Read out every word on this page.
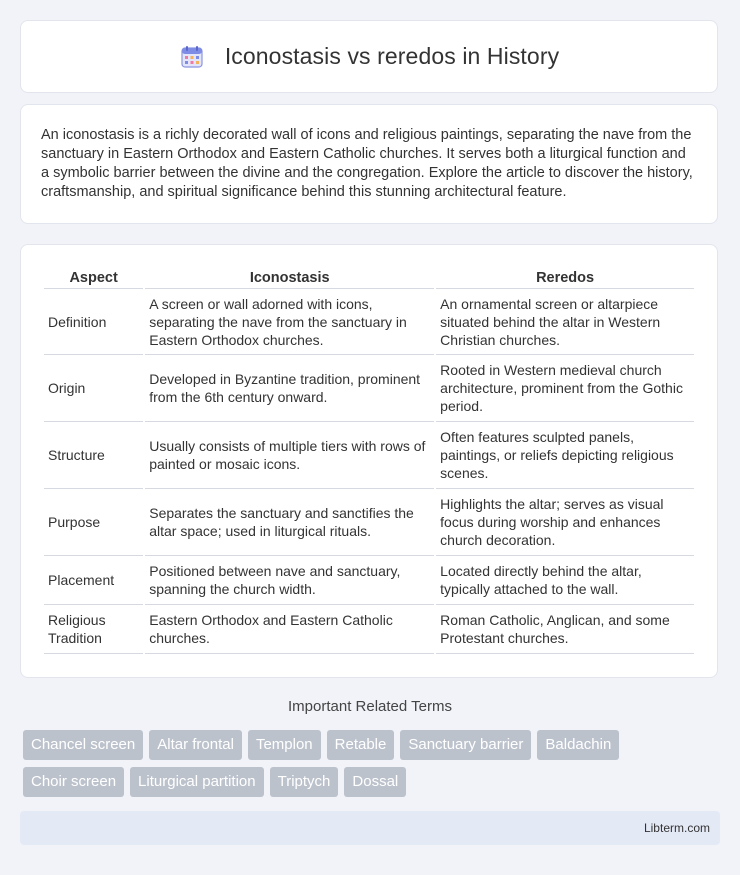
Iconostasis vs reredos in History

An iconostasis is a richly decorated wall of icons and religious paintings, separating the nave from the sanctuary in Eastern Orthodox and Eastern Catholic churches. It serves both a liturgical function and a symbolic barrier between the divine and the congregation. Explore the article to discover the history, craftsmanship, and spiritual significance behind this stunning architectural feature.

Aspect	Iconostasis	Reredos
Definition	A screen or wall adorned with icons, separating the nave from the sanctuary in Eastern Orthodox churches.	An ornamental screen or altarpiece situated behind the altar in Western Christian churches.
Origin	Developed in Byzantine tradition, prominent from the 6th century onward.	Rooted in Western medieval church architecture, prominent from the Gothic period.
Structure	Usually consists of multiple tiers with rows of painted or mosaic icons.	Often features sculpted panels, paintings, or reliefs depicting religious scenes.
Purpose	Separates the sanctuary and sanctifies the altar space; used in liturgical rituals.	Highlights the altar; serves as visual focus during worship and enhances church decoration.
Placement	Positioned between nave and sanctuary, spanning the church width.	Located directly behind the altar, typically attached to the wall.
Religious Tradition	Eastern Orthodox and Eastern Catholic churches.	Roman Catholic, Anglican, and some Protestant churches.
Important Related Terms
Chancel screen	Altar frontal	Templon	Retable	Sanctuary barrier	Baldachin
Choir screen	Liturgical partition	Triptych	Dossal
Libterm.com
